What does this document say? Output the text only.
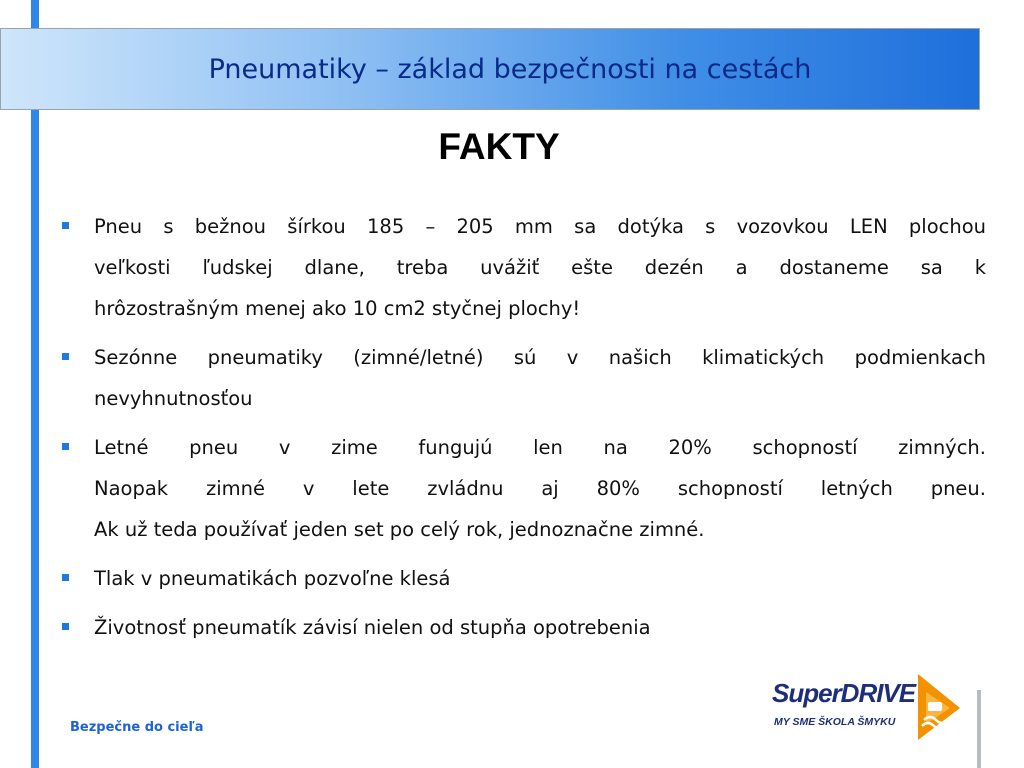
Pneumatiky – základ bezpečnosti na cestách
FAKTY
Pneu s bežnou šírkou 185 – 205 mm sa dotýka s vozovkou LEN plochou
veľkosti ľudskej dlane, treba uvážiť ešte dezén a dostaneme sa k
hrôzostrašným menej ako 10 cm2 styčnej plochy!
Sezónne pneumatiky (zimné/letné) sú v našich klimatických podmienkach
nevyhnutnosťou
Letné pneu v zime fungujú len na 20% schopností zimných.
Naopak zimné v lete zvládnu aj 80% schopností letných pneu.
Ak už teda používať jeden set po celý rok, jednoznačne zimné.
Tlak v pneumatikách pozvoľne klesá
Životnosť pneumatík závisí nielen od stupňa opotrebenia
Bezpečne do cieľa
SuperDRIVE
MY SME ŠKOLA ŠMYKU
